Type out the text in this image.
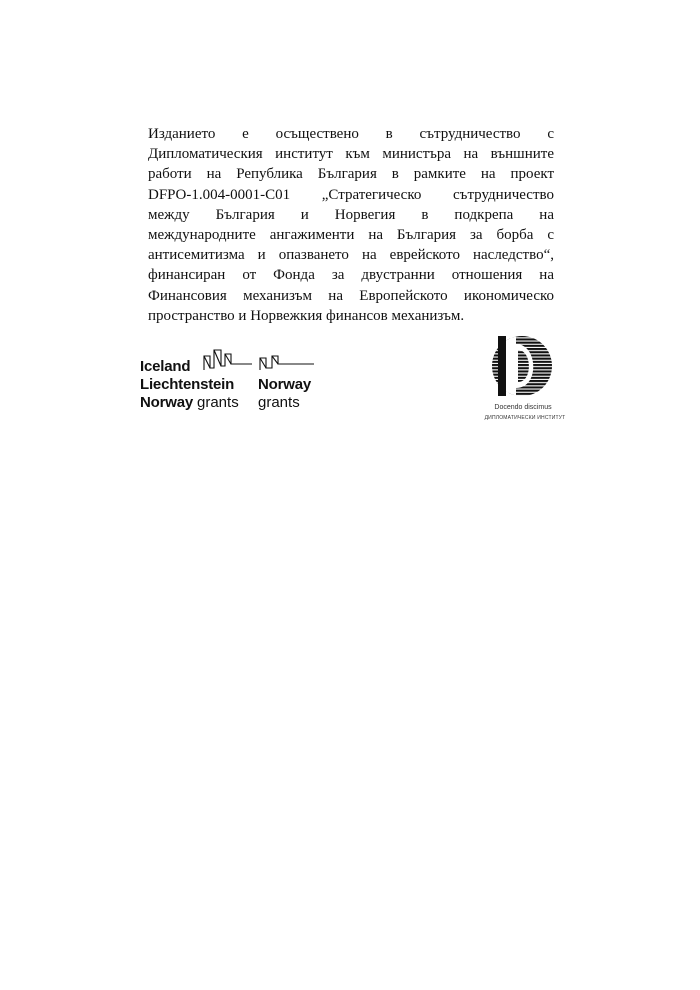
Изданието е осъществено в сътрудничество с
Дипломатическия институт към министъра на външните
работи на Република България в рамките на проект
DFPO-1.004-0001-C01 „Стратегическо сътрудничество
между България и Норвегия в подкрепа на
международните ангажименти на България за борба с
антисемитизма и опазването на еврейското наследство“,
финансиран от Фонда за двустранни отношения на
Финансовия механизъм на Европейското икономическо
пространство и Норвежкия финансов механизъм.

Iceland
Liechtenstein
Norway grants
Norway
grants	Docendo discimus
ДИПЛОМАТИЧЕСКИ ИНСТИТУТ
